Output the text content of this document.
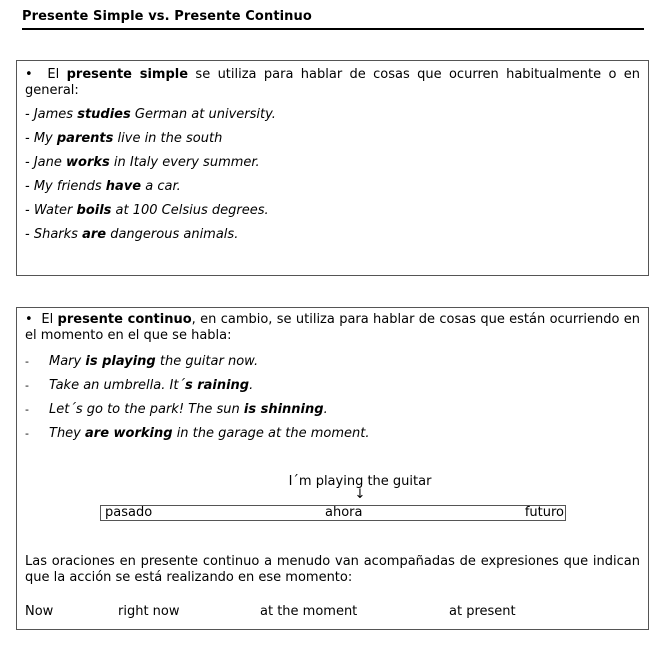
Presente Simple vs. Presente Continuo

• El presente simple se utiliza para hablar de cosas que ocurren habitualmente o en general:

- James studies German at university.

- My parents live in the south

- Jane works in Italy every summer.

- My friends have a car.

- Water boils at 100 Celsius degrees.

- Sharks are dangerous animals.

• El presente continuo, en cambio, se utiliza para hablar de cosas que están ocurriendo en el momento en el que se habla:

-	Mary is playing the guitar now.
-	Take an umbrella. It´s raining.
-	Let´s go to the park! The sun is shinning.
-	They are working in the garage at the moment.
I´m playing the guitar
↓
pasado	ahora	futuro

Las oraciones en presente continuo a menudo van acompañadas de expresiones que indican que la acción se está realizando en ese momento:

Now	right now	at the moment	at present
